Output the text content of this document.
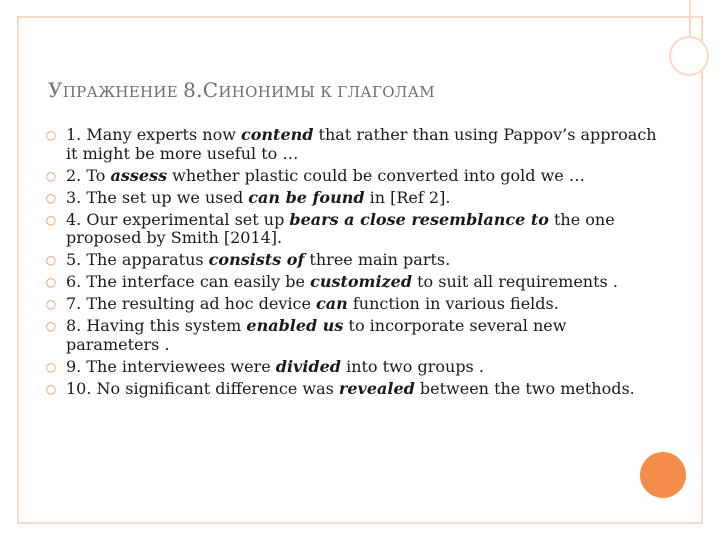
УПРАЖНЕНИЕ 8.СИНОНИМЫ К ГЛАГОЛАМ
○ 1. Many experts now contend that rather than using Pappov’s approach it might be more useful to …
○ 2. To assess whether plastic could be converted into gold we …
○ 3. The set up we used can be found in [Ref 2].
○ 4. Our experimental set up bears a close resemblance to the one proposed by Smith [2014].
○ 5. The apparatus consists of three main parts.
○ 6. The interface can easily be customized to suit all requirements .
○ 7. The resulting ad hoc device can function in various fields.
○ 8. Having this system enabled us to incorporate several new parameters .
○ 9. The interviewees were divided into two groups .
○ 10. No significant difference was revealed between the two methods.
